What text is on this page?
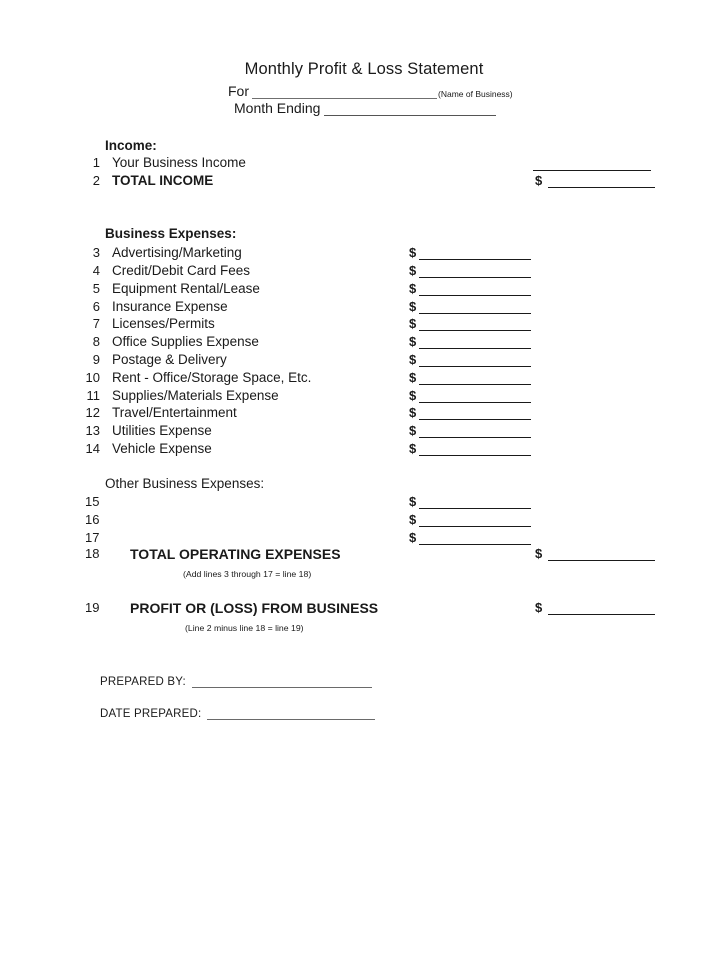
Monthly Profit & Loss Statement
For	(Name of Business)
Month Ending
Income:
1 Your Business Income
2 TOTAL INCOME	$
Business Expenses:
3 Advertising/Marketing	$
4 Credit/Debit Card Fees	$
5 Equipment Rental/Lease	$
6 Insurance Expense	$
7 Licenses/Permits	$
8 Office Supplies Expense	$
9 Postage & Delivery	$
10 Rent - Office/Storage Space, Etc.	$
11 Supplies/Materials Expense	$
12 Travel/Entertainment	$
13 Utilities Expense	$
14 Vehicle Expense	$
Other Business Expenses:
15	$
16	$
17	$
18	TOTAL OPERATING EXPENSES	$
(Add lines 3 through 17 = line 18)
19	PROFIT OR (LOSS) FROM BUSINESS	$
(Line 2 minus line 18 = line 19)
PREPARED BY:
DATE PREPARED:
